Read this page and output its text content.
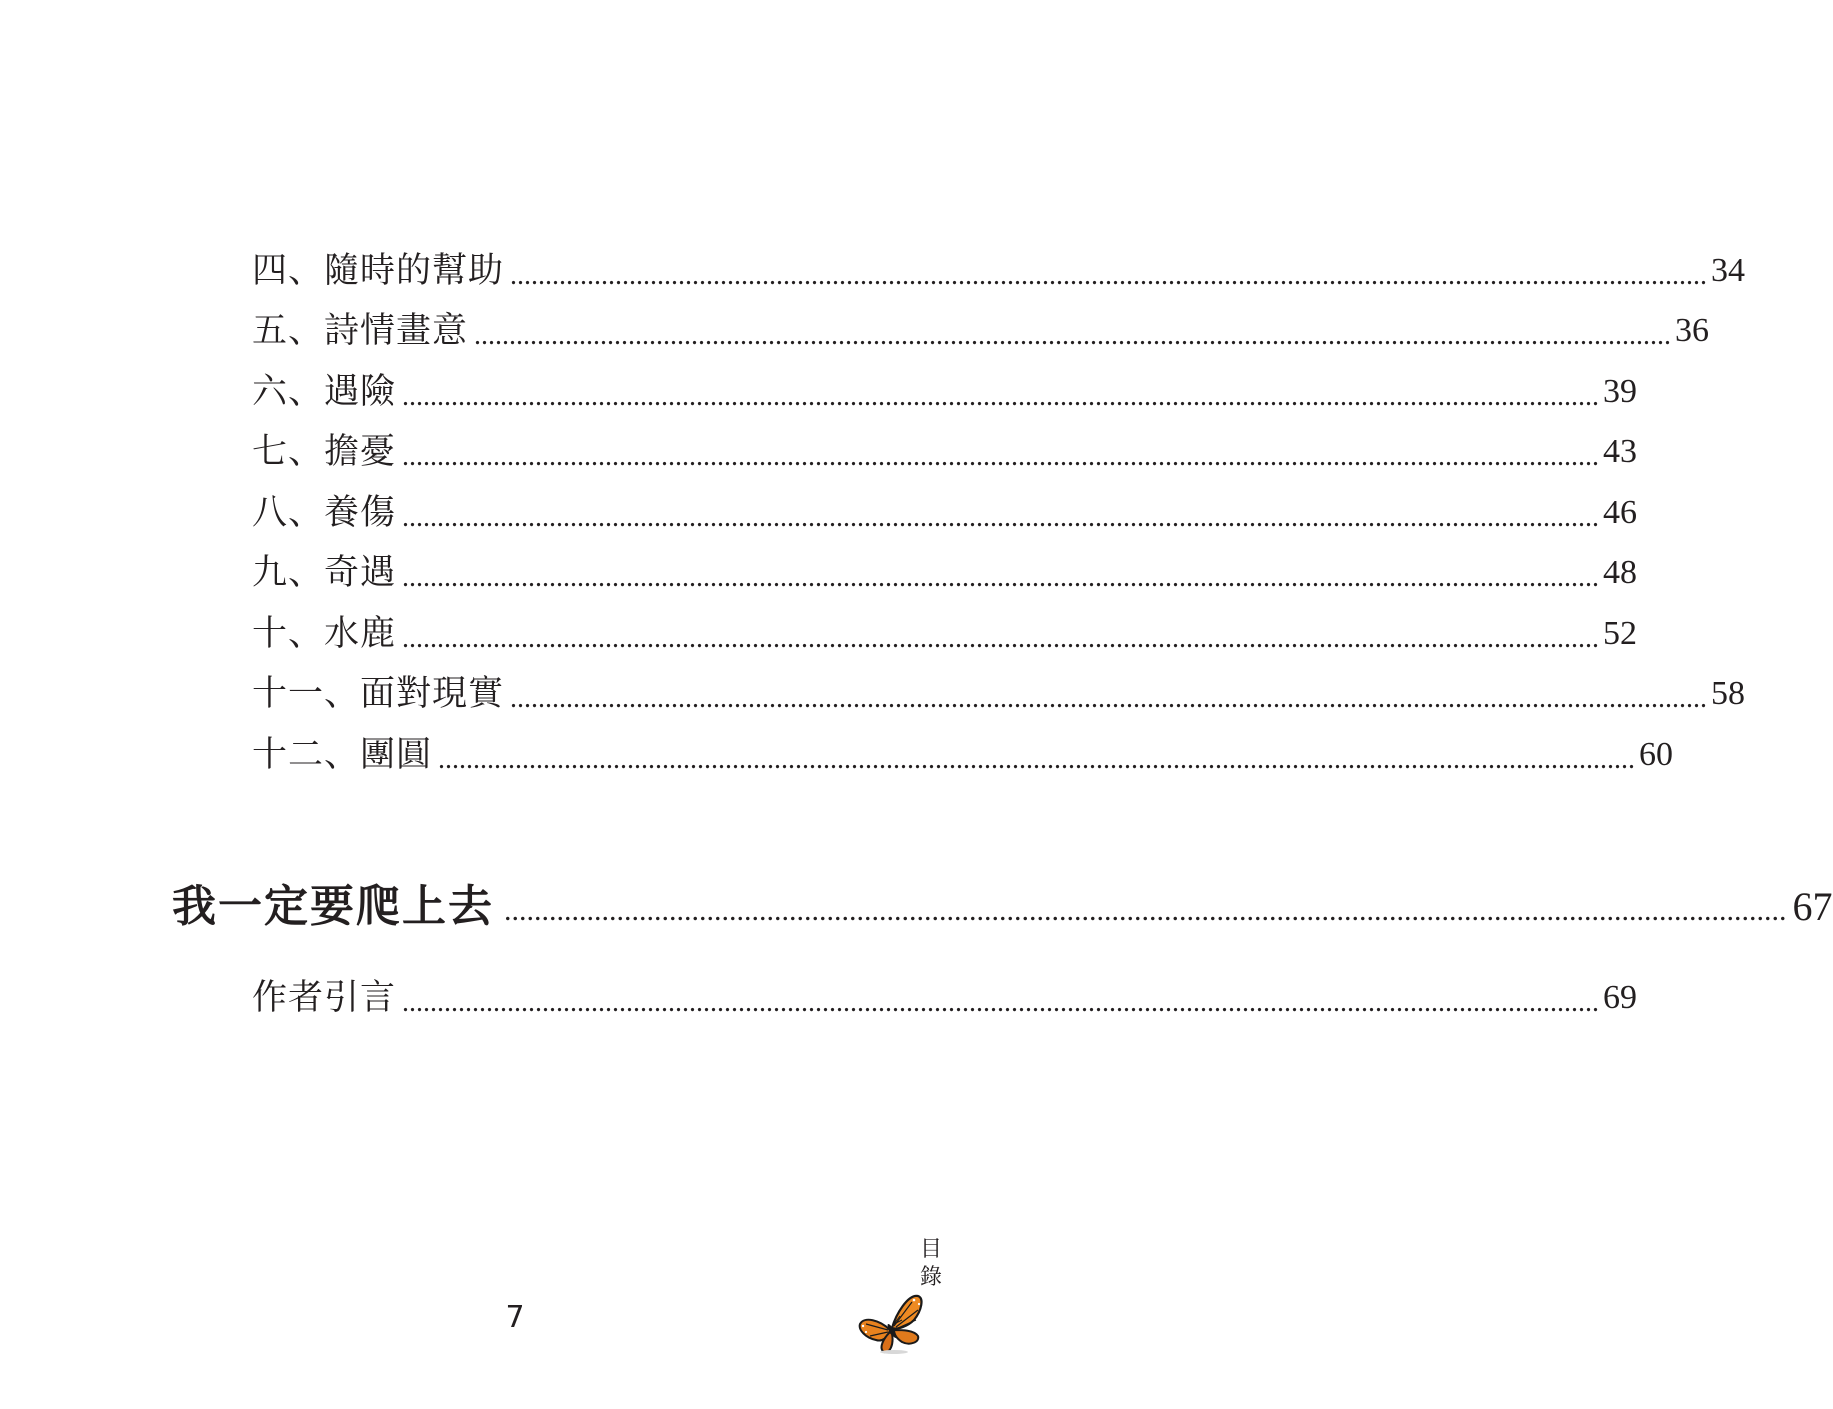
四、隨時的幫助 ........................................................................................................................................................................... 34
五、詩情畫意 ........................................................................................................................................................................... 36
六、遇險 ........................................................................................................................................................................... 39
七、擔憂 ........................................................................................................................................................................... 43
八、養傷 ........................................................................................................................................................................... 46
九、奇遇 ........................................................................................................................................................................... 48
十、水鹿 ........................................................................................................................................................................... 52
十一、面對現實 ........................................................................................................................................................................... 58
十二、團圓 ........................................................................................................................................................................... 60
我一定要爬上去 ........................................................................................................................................................................... 67
作者引言 ........................................................................................................................................................................... 69
目
錄
7
